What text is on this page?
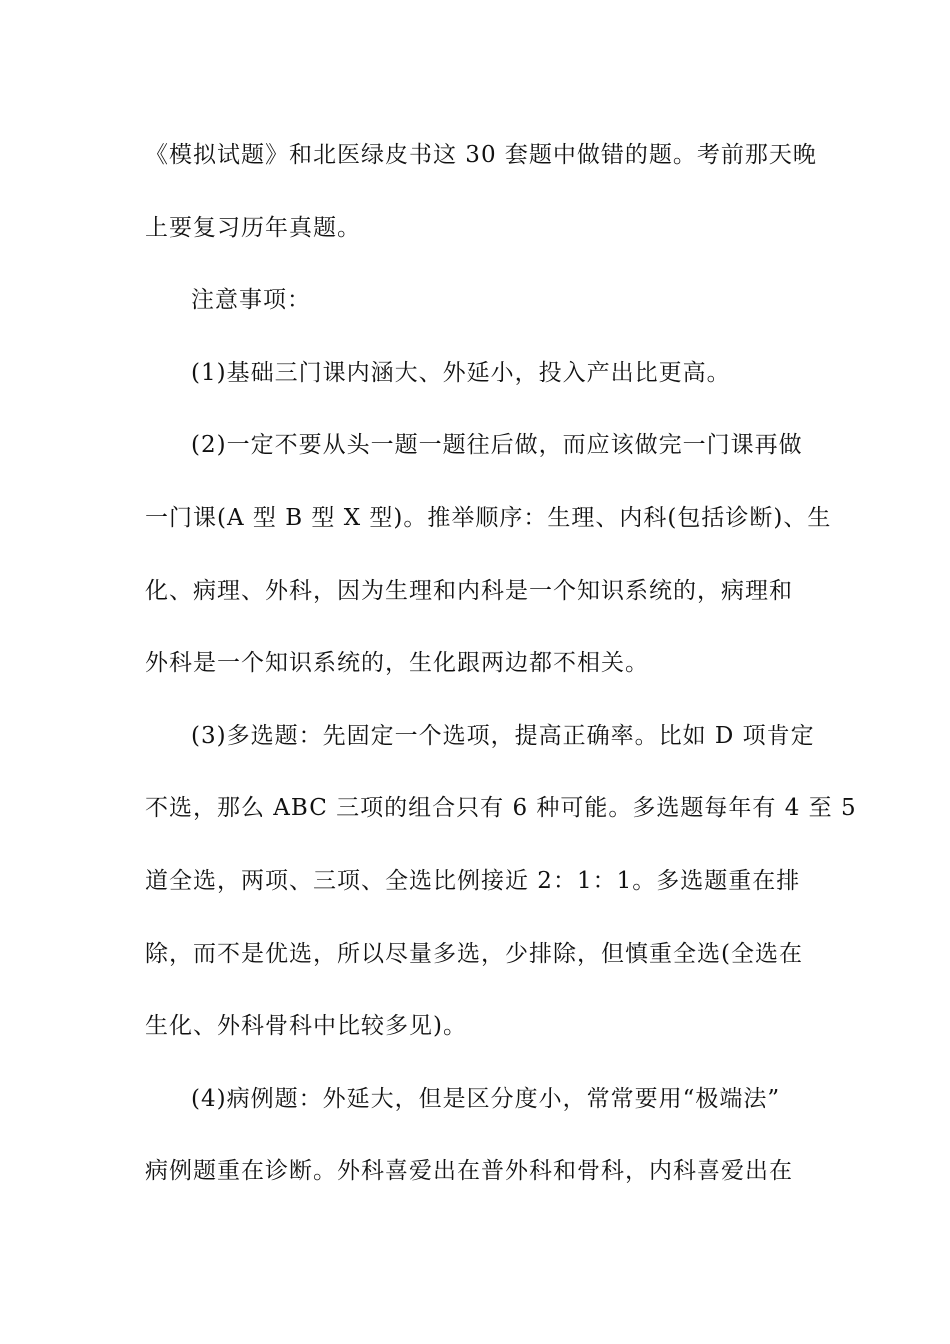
《模拟试题》和北医绿皮书这 30 套题中做错的题。考前那天晚
上要复习历年真题。
注意事项：
(1)基础三门课内涵大、外延小，投入产出比更高。
(2)一定不要从头一题一题往后做，而应该做完一门课再做
一门课(A 型 B 型 X 型)。推举顺序：生理、内科(包括诊断)、生
化、病理、外科，因为生理和内科是一个知识系统的，病理和
外科是一个知识系统的，生化跟两边都不相关。
(3)多选题：先固定一个选项，提高正确率。比如 D 项肯定
不选，那么 ABC 三项的组合只有 6 种可能。多选题每年有 4 至 5
道全选，两项、三项、全选比例接近 2：1：1。多选题重在排
除，而不是优选，所以尽量多选，少排除，但慎重全选(全选在
生化、外科骨科中比较多见)。
(4)病例题：外延大，但是区分度小，常常要用“极端法”
病例题重在诊断。外科喜爱出在普外科和骨科，内科喜爱出在
